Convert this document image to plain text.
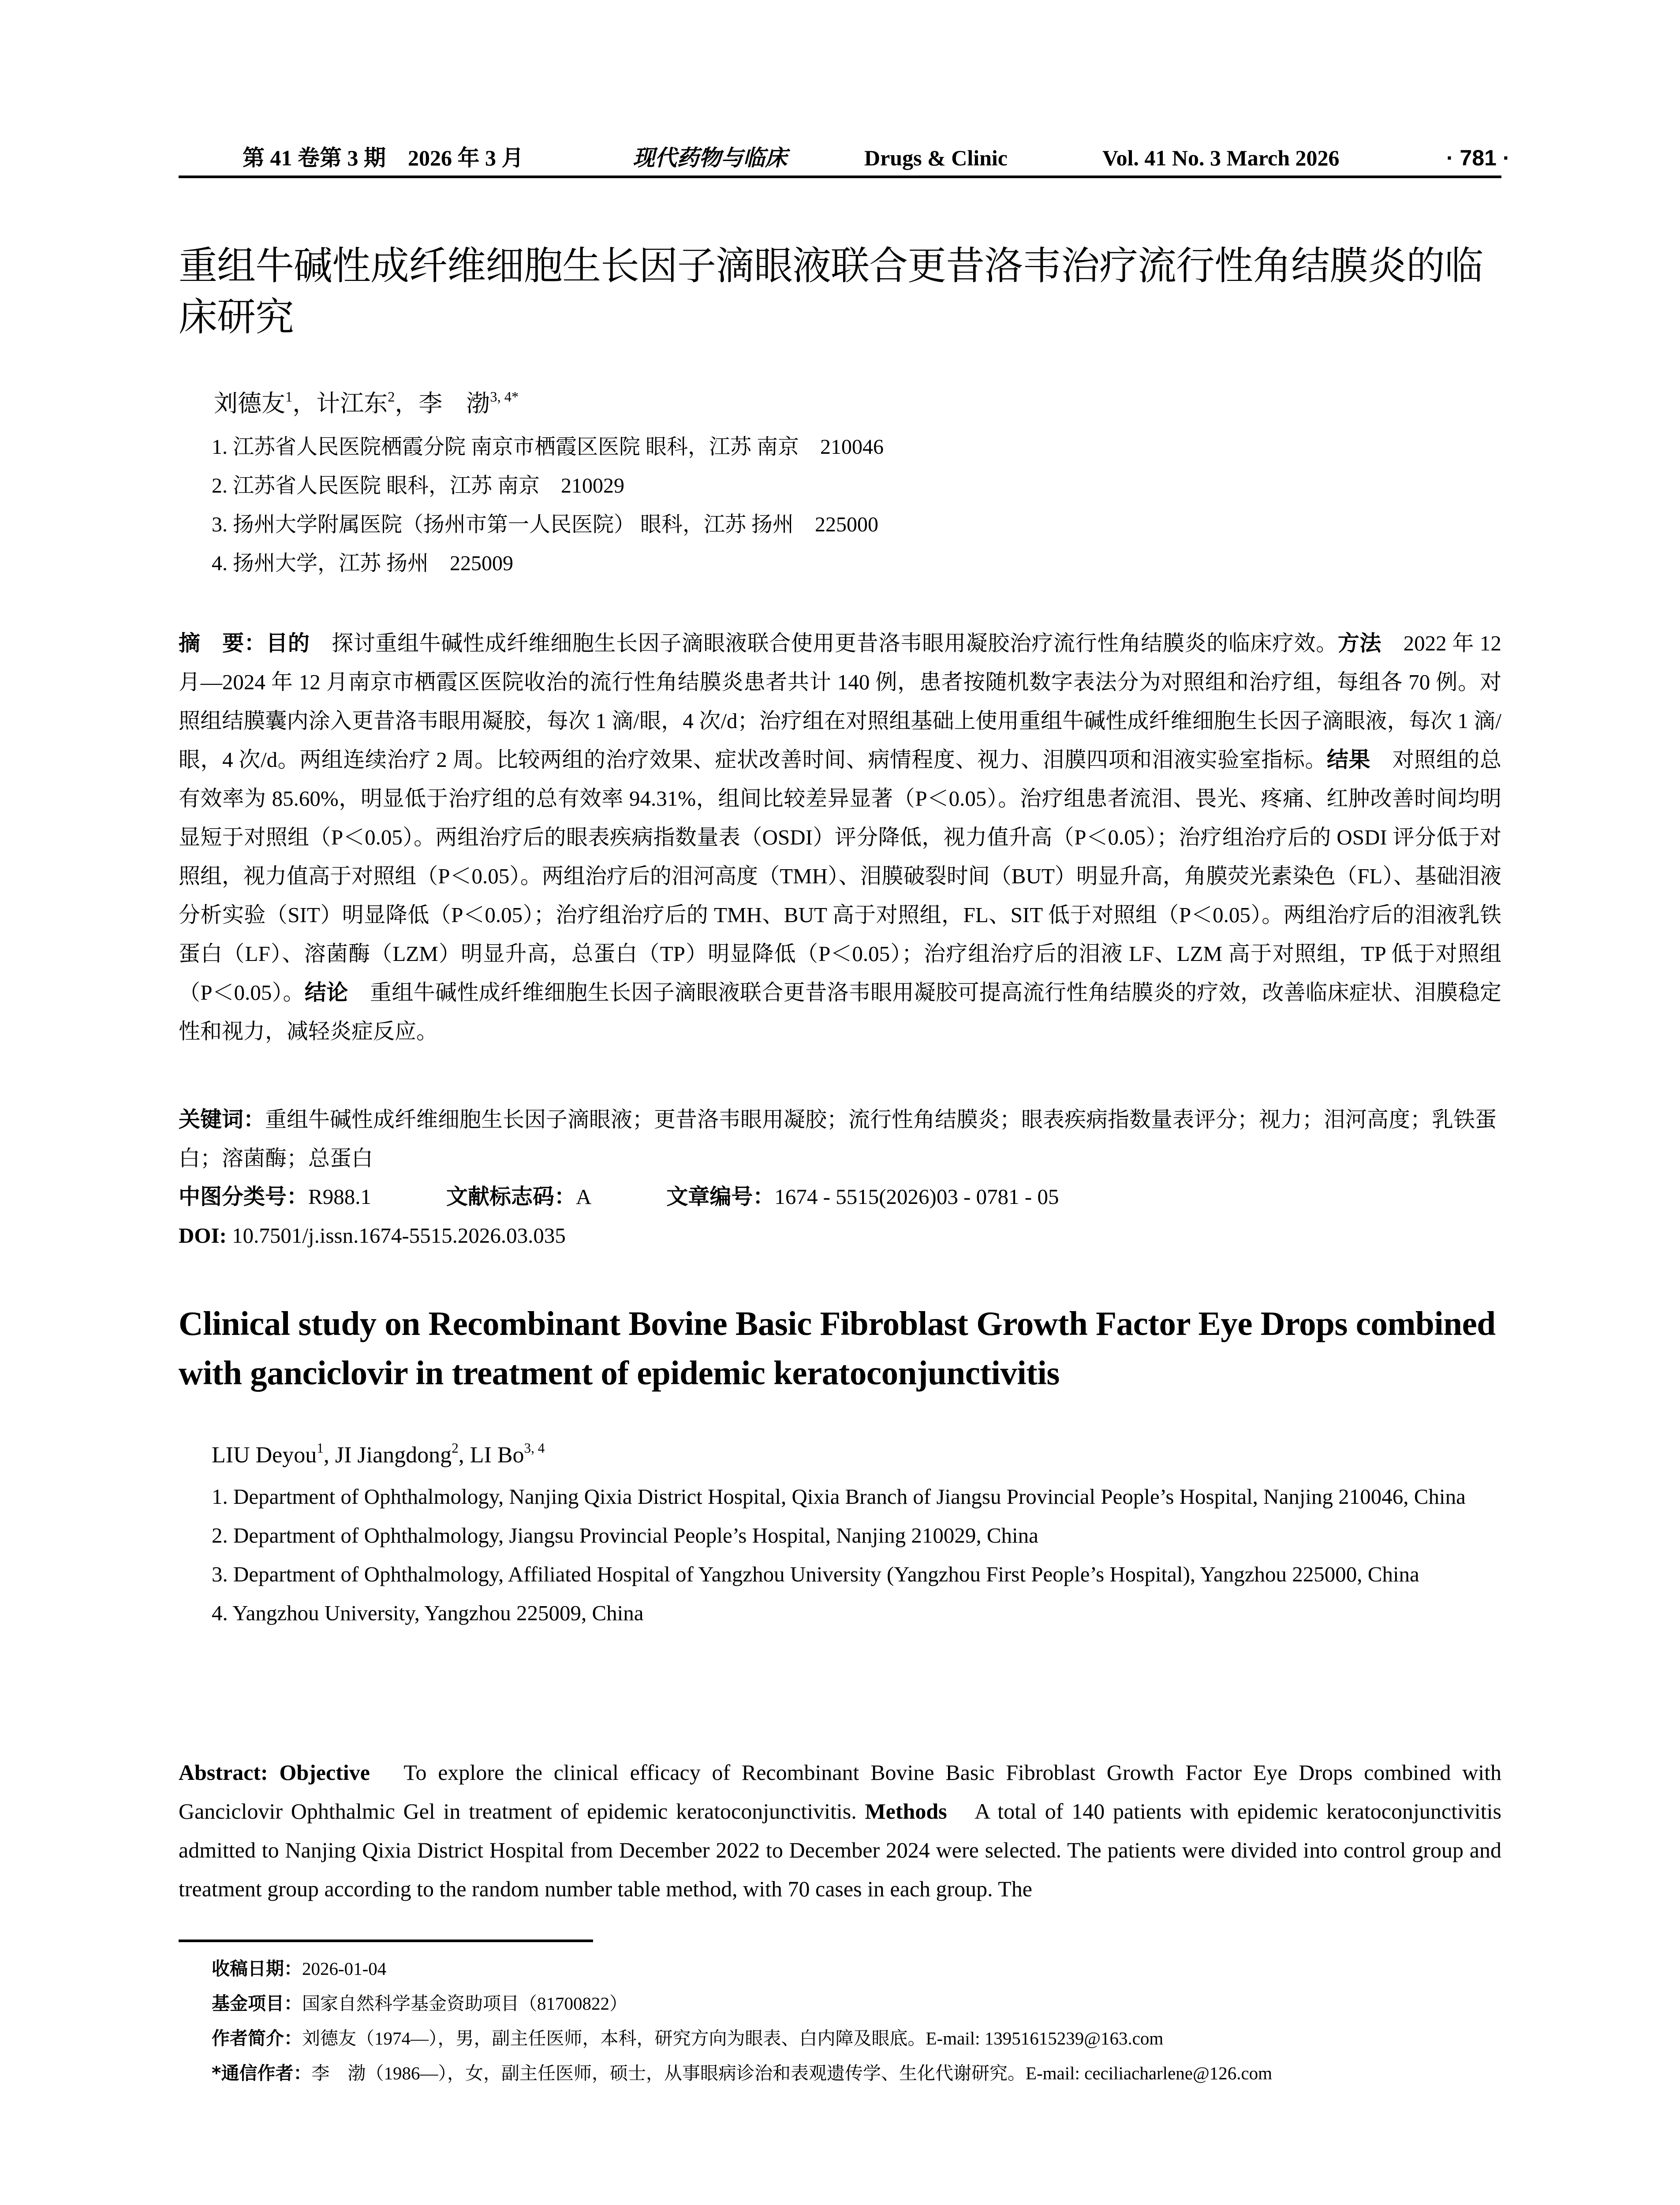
第 41 卷第 3 期　2026 年 3 月	现代药物与临床	Drugs & Clinic	Vol. 41 No. 3 March 2026	· 781 ·
重组牛碱性成纤维细胞生长因子滴眼液联合更昔洛韦治疗流行性角结膜炎的临床研究
刘德友$^1$，计江东$^2$，李　渤$^{3, 4*}$
1. 江苏省人民医院栖霞分院 南京市栖霞区医院 眼科，江苏 南京　210046
2. 江苏省人民医院 眼科，江苏 南京　210029
3. 扬州大学附属医院（扬州市第一人民医院） 眼科，江苏 扬州　225000
4. 扬州大学，江苏 扬州　225009
摘　要：目的　探讨重组牛碱性成纤维细胞生长因子滴眼液联合使用更昔洛韦眼用凝胶治疗流行性角结膜炎的临床疗效。方法　2022 年 12 月—2024 年 12 月南京市栖霞区医院收治的流行性角结膜炎患者共计 140 例，患者按随机数字表法分为对照组和治疗组，每组各 70 例。对照组结膜囊内涂入更昔洛韦眼用凝胶，每次 1 滴/眼，4 次/d；治疗组在对照组基础上使用重组牛碱性成纤维细胞生长因子滴眼液，每次 1 滴/眼，4 次/d。两组连续治疗 2 周。比较两组的治疗效果、症状改善时间、病情程度、视力、泪膜四项和泪液实验室指标。结果　对照组的总有效率为 85.60%，明显低于治疗组的总有效率 94.31%，组间比较差异显著（P＜0.05）。治疗组患者流泪、畏光、疼痛、红肿改善时间均明显短于对照组（P＜0.05）。两组治疗后的眼表疾病指数量表（OSDI）评分降低，视力值升高（P＜0.05）；治疗组治疗后的 OSDI 评分低于对照组，视力值高于对照组（P＜0.05）。两组治疗后的泪河高度（TMH）、泪膜破裂时间（BUT）明显升高，角膜荧光素染色（FL）、基础泪液分析实验（SIT）明显降低（P＜0.05）；治疗组治疗后的 TMH、BUT 高于对照组，FL、SIT 低于对照组（P＜0.05）。两组治疗后的泪液乳铁蛋白（LF）、溶菌酶（LZM）明显升高，总蛋白（TP）明显降低（P＜0.05）；治疗组治疗后的泪液 LF、LZM 高于对照组，TP 低于对照组（P＜0.05）。结论　重组牛碱性成纤维细胞生长因子滴眼液联合更昔洛韦眼用凝胶可提高流行性角结膜炎的疗效，改善临床症状、泪膜稳定性和视力，减轻炎症反应。
关键词：重组牛碱性成纤维细胞生长因子滴眼液；更昔洛韦眼用凝胶；流行性角结膜炎；眼表疾病指数量表评分；视力；泪河高度；乳铁蛋白；溶菌酶；总蛋白
中图分类号：R988.1	文献标志码：A	文章编号：1674 - 5515(2026)03 - 0781 - 05
DOI: 10.7501/j.issn.1674-5515.2026.03.035
Clinical study on Recombinant Bovine Basic Fibroblast Growth Factor Eye Drops combined with ganciclovir in treatment of epidemic keratoconjunctivitis
LIU Deyou$^1$, JI Jiangdong$^2$, LI Bo$^{3, 4}$
1. Department of Ophthalmology, Nanjing Qixia District Hospital, Qixia Branch of Jiangsu Provincial People’s Hospital, Nanjing 210046, China
2. Department of Ophthalmology, Jiangsu Provincial People’s Hospital, Nanjing 210029, China
3. Department of Ophthalmology, Affiliated Hospital of Yangzhou University (Yangzhou First People’s Hospital), Yangzhou 225000, China
4. Yangzhou University, Yangzhou 225009, China
Abstract: Objective　To explore the clinical efficacy of Recombinant Bovine Basic Fibroblast Growth Factor Eye Drops combined with Ganciclovir Ophthalmic Gel in treatment of epidemic keratoconjunctivitis. Methods　A total of 140 patients with epidemic keratoconjunctivitis admitted to Nanjing Qixia District Hospital from December 2022 to December 2024 were selected. The patients were divided into control group and treatment group according to the random number table method, with 70 cases in each group. The
收稿日期：2026-01-04
基金项目：国家自然科学基金资助项目（81700822）
作者简介：刘德友（1974—），男，副主任医师，本科，研究方向为眼表、白内障及眼底。E-mail: 13951615239@163.com
*通信作者：李　渤（1986—），女，副主任医师，硕士，从事眼病诊治和表观遗传学、生化代谢研究。E-mail: ceciliacharlene@126.com
